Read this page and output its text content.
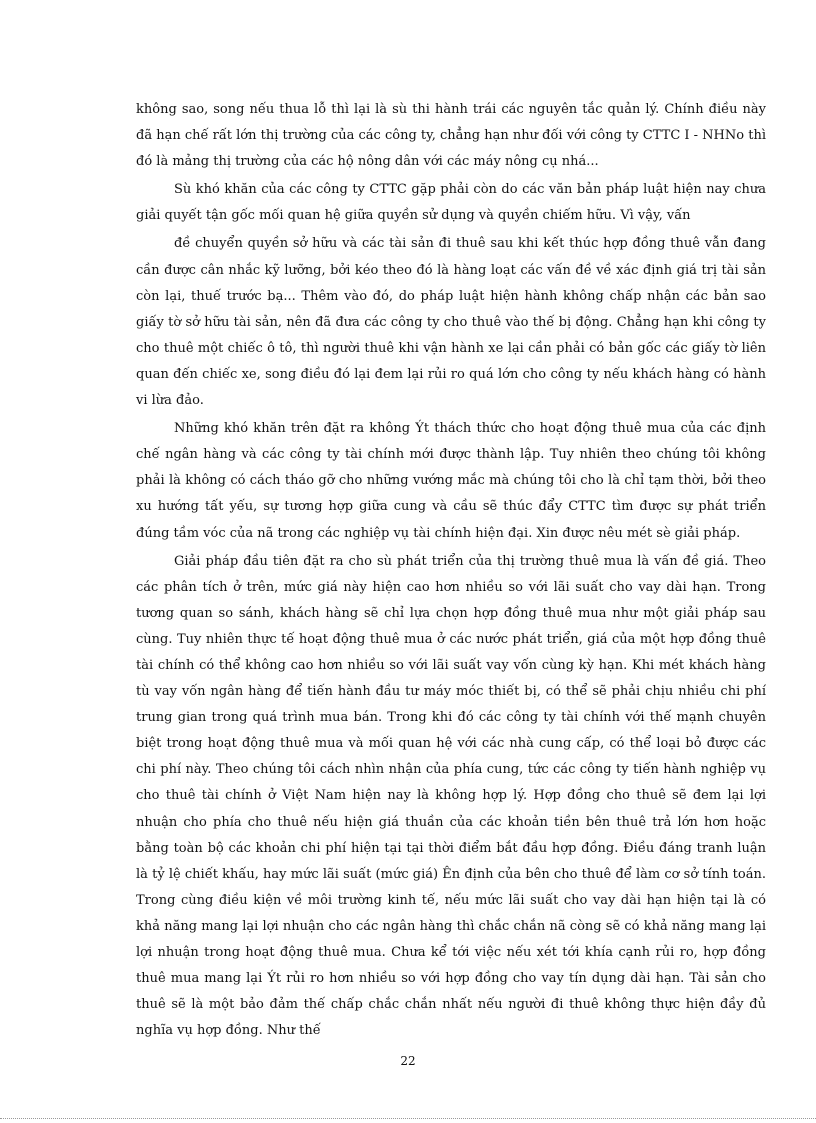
không sao, song nếu thua lỗ thì lại là sù thi hành trái các nguyên tắc quản lý. Chính điều này đã hạn chế rất lớn thị trường của các công ty, chẳng hạn như đối với công ty CTTC I - NHNo thì đó là mảng thị trường của các hộ nông dân với các máy nông cụ nhá...

Sù khó khăn của các công ty CTTC gặp phải còn do các văn bản pháp luật hiện nay chưa giải quyết tận gốc mối quan hệ giữa quyền sử dụng và quyền chiếm hữu. Vì vậy, vấn

đề chuyển quyền sở hữu và các tài sản đi thuê sau khi kết thúc hợp đồng thuê vẫn đang cần được cân nhắc kỹ lưỡng, bởi kéo theo đó là hàng loạt các vấn đề về xác định giá trị tài sản còn lại, thuế trước bạ... Thêm vào đó, do pháp luật hiện hành không chấp nhận các bản sao giấy tờ sở hữu tài sản, nên đã đưa các công ty cho thuê vào thế bị động. Chẳng hạn khi công ty cho thuê một chiếc ô tô, thì người thuê khi vận hành xe lại cần phải có bản gốc các giấy tờ liên quan đến chiếc xe, song điều đó lại đem lại rủi ro quá lớn cho công ty nếu khách hàng có hành vi lừa đảo.

Những khó khăn trên đặt ra không Ýt thách thức cho hoạt động thuê mua của các định chế ngân hàng và các công ty tài chính mới được thành lập. Tuy nhiên theo chúng tôi không phải là không có cách tháo gỡ cho những vướng mắc mà chúng tôi cho là chỉ tạm thời, bởi theo xu hướng tất yếu, sự tương hợp giữa cung và cầu sẽ thúc đẩy CTTC tìm được sự phát triển đúng tầm vóc của nã trong các nghiệp vụ tài chính hiện đại. Xin được nêu mét sè giải pháp.

Giải pháp đầu tiên đặt ra cho sù phát triển của thị trường thuê mua là vấn đề giá. Theo các phân tích ở trên, mức giá này hiện cao hơn nhiều so với lãi suất cho vay dài hạn. Trong tương quan so sánh, khách hàng sẽ chỉ lựa chọn hợp đồng thuê mua như một giải pháp sau cùng. Tuy nhiên thực tế hoạt động thuê mua ở các nước phát triển, giá của một hợp đồng thuê tài chính có thể không cao hơn nhiều so với lãi suất vay vốn cùng kỳ hạn. Khi mét khách hàng tù vay vốn ngân hàng để tiến hành đầu tư máy móc thiết bị, có thể sẽ phải chịu nhiều chi phí trung gian trong quá trình mua bán. Trong khi đó các công ty tài chính với thế mạnh chuyên biệt trong hoạt động thuê mua và mối quan hệ với các nhà cung cấp, có thể loại bỏ được các chi phí này. Theo chúng tôi cách nhìn nhận của phía cung, tức các công ty tiến hành nghiệp vụ cho thuê tài chính ở Việt Nam hiện nay là không hợp lý. Hợp đồng cho thuê sẽ đem lại lợi nhuận cho phía cho thuê nếu hiện giá thuần của các khoản tiền bên thuê trả lớn hơn hoặc bằng toàn bộ các khoản chi phí hiện tại tại thời điểm bắt đầu hợp đồng. Điều đáng tranh luận là tỷ lệ chiết khấu, hay mức lãi suất (mức giá) Ên định của bên cho thuê để làm cơ sở tính toán. Trong cùng điều kiện về môi trường kinh tế, nếu mức lãi suất cho vay dài hạn hiện tại là có khả năng mang lại lợi nhuận cho các ngân hàng thì chắc chắn nã còng sẽ có khả năng mang lại lợi nhuận trong hoạt động thuê mua. Chưa kể tới việc nếu xét tới khía cạnh rủi ro, hợp đồng thuê mua mang lại Ýt rủi ro hơn nhiều so với hợp đồng cho vay tín dụng dài hạn. Tài sản cho thuê sẽ là một bảo đảm thế chấp chắc chắn nhất nếu người đi thuê không thực hiện đầy đủ nghĩa vụ hợp đồng. Như thế

22
